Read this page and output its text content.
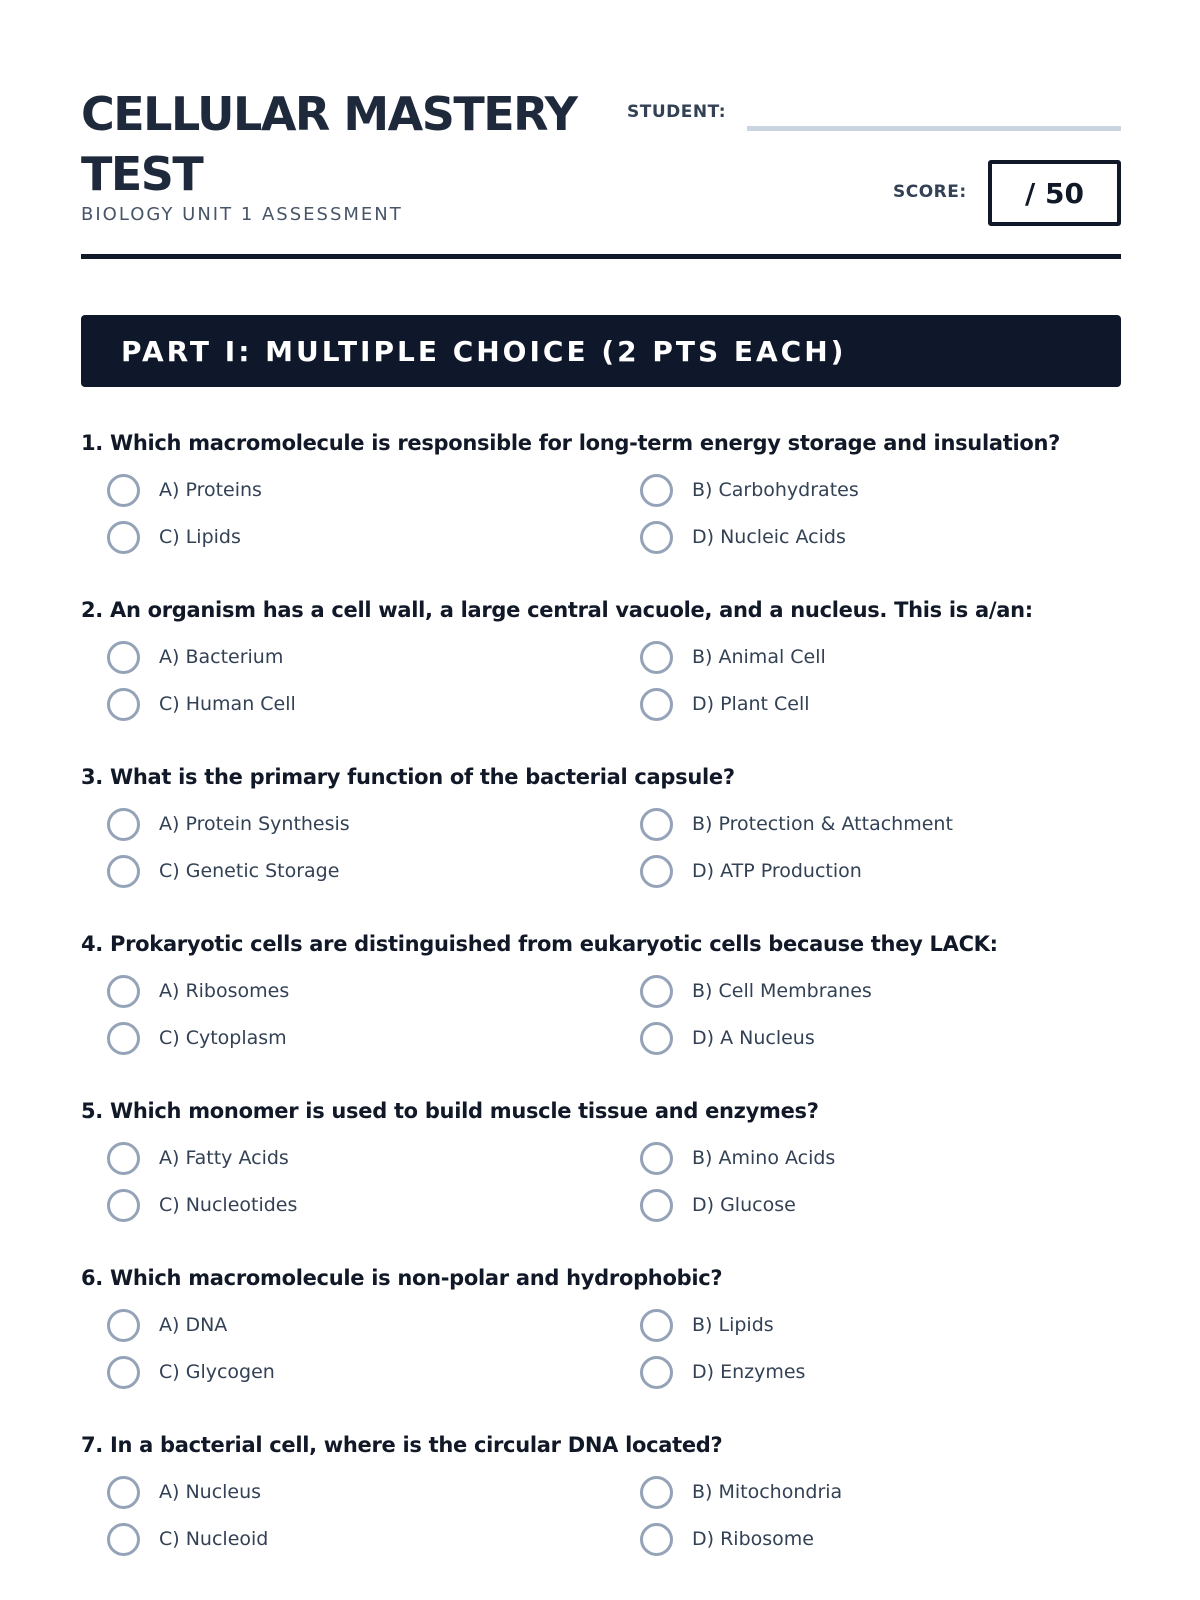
CELLULAR MASTERY TEST
BIOLOGY UNIT 1 ASSESSMENT
STUDENT:
SCORE: / 50
PART I: MULTIPLE CHOICE (2 PTS EACH)
1. Which macromolecule is responsible for long-term energy storage and insulation?
A) Proteins	B) Carbohydrates
C) Lipids	D) Nucleic Acids
2. An organism has a cell wall, a large central vacuole, and a nucleus. This is a/an:
A) Bacterium	B) Animal Cell
C) Human Cell	D) Plant Cell
3. What is the primary function of the bacterial capsule?
A) Protein Synthesis	B) Protection & Attachment
C) Genetic Storage	D) ATP Production
4. Prokaryotic cells are distinguished from eukaryotic cells because they LACK:
A) Ribosomes	B) Cell Membranes
C) Cytoplasm	D) A Nucleus
5. Which monomer is used to build muscle tissue and enzymes?
A) Fatty Acids	B) Amino Acids
C) Nucleotides	D) Glucose
6. Which macromolecule is non-polar and hydrophobic?
A) DNA	B) Lipids
C) Glycogen	D) Enzymes
7. In a bacterial cell, where is the circular DNA located?
A) Nucleus	B) Mitochondria
C) Nucleoid	D) Ribosome
